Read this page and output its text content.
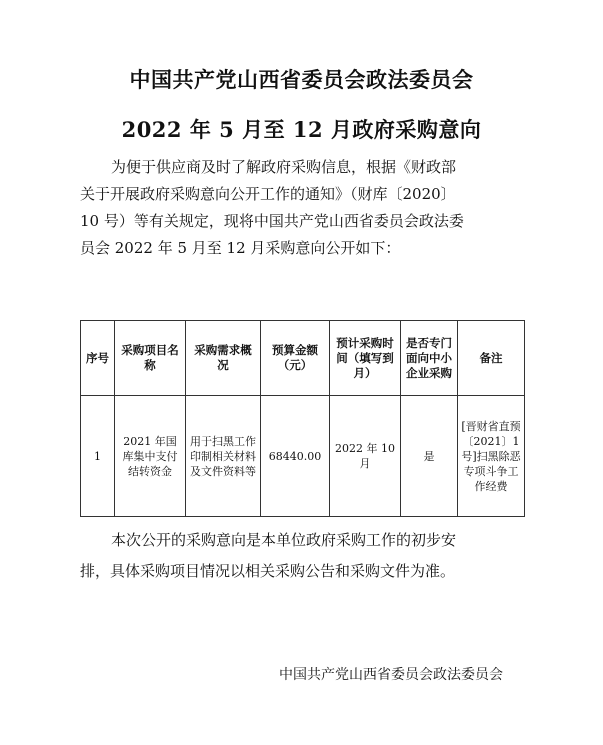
中国共产党山西省委员会政法委员会
2022 年 5 月至 12 月政府采购意向
为便于供应商及时了解政府采购信息，根据《财政部
关于开展政府采购意向公开工作的通知》（财库〔2020〕
10 号）等有关规定，现将中国共产党山西省委员会政法委
员会 2022 年 5 月至 12 月采购意向公开如下：
序号	采购项目名称	采购需求概况	预算金额（元）	预计采购时间（填写到月）	是否专门面向中小企业采购	备注
1	2021 年国库集中支付结转资金	用于扫黑工作印制相关材料及文件资料等	68440.00	2022 年 10 月	是	[晋财省直预〔2021〕1 号]扫黑除恶专项斗争工作经费
本次公开的采购意向是本单位政府采购工作的初步安
排，具体采购项目情况以相关采购公告和采购文件为准。
中国共产党山西省委员会政法委员会
